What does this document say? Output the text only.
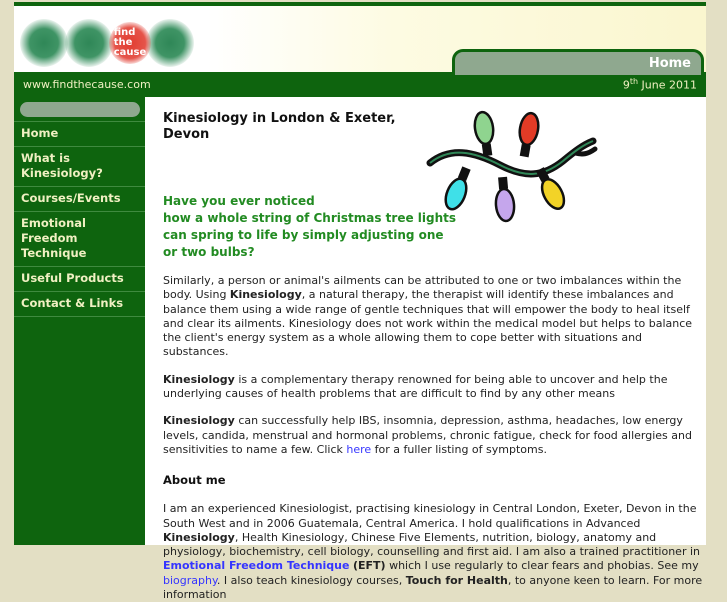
find
the
cause
Home
www.findthecause.com	9th June 2011
Home
What is Kinesiology?
Courses/Events
Emotional Freedom Technique
Useful Products
Contact & Links
Kinesiology in London & Exeter,
Devon
Have you ever noticed
how a whole string of Christmas tree lights
can spring to life by simply adjusting one
or two bulbs?
Similarly, a person or animal's ailments can be attributed to one or two imbalances within the body. Using Kinesiology, a natural therapy, the therapist will identify these imbalances and balance them using a wide range of gentle techniques that will empower the body to heal itself and clear its ailments. Kinesiology does not work within the medical model but helps to balance the client's energy system as a whole allowing them to cope better with situations and substances.
Kinesiology is a complementary therapy renowned for being able to uncover and help the underlying causes of health problems that are difficult to find by any other means
Kinesiology can successfully help IBS, insomnia, depression, asthma, headaches, low energy levels, candida, menstrual and hormonal problems, chronic fatigue, check for food allergies and sensitivities to name a few. Click here for a fuller listing of symptoms.
About me
I am an experienced Kinesiologist, practising kinesiology in Central London, Exeter, Devon in the South West and in 2006 Guatemala, Central America. I hold qualifications in Advanced Kinesiology, Health Kinesiology, Chinese Five Elements, nutrition, biology, anatomy and physiology, biochemistry, cell biology, counselling and first aid. I am also a trained practitioner in Emotional Freedom Technique (EFT) which I use regularly to clear fears and phobias. See my biography. I also teach kinesiology courses, Touch for Health, to anyone keen to learn. For more information
